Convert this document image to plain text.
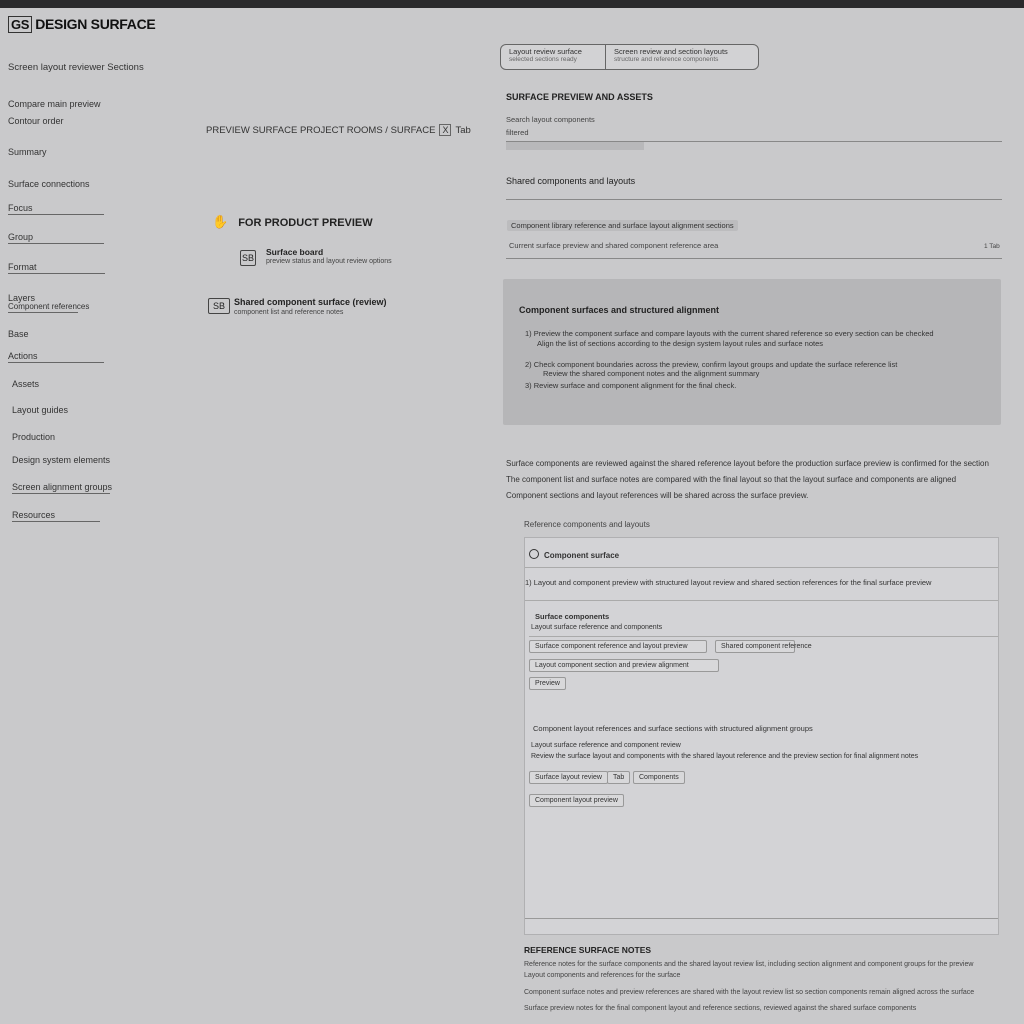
GS DESIGN SURFACE
Screen layout reviewer Sections
Compare main preview
Contour order
Summary
Surface connections
Focus
Group
Format
Layers
Component references
Base
Actions
Assets
Layout guides
Production
Design system elements
Screen alignment groups
Resources
PREVIEW SURFACE PROJECT ROOMS / SURFACE X Tab
✋ FOR PRODUCT PREVIEW
SB
Surface board
preview status and layout review options
SB Shared component surface (review)
component list and reference notes
Layout review surface
selected sections ready
Screen review and section layouts
structure and reference components
SURFACE PREVIEW AND ASSETS
Search layout components
filtered
Shared components and layouts
Component library reference and surface layout alignment sections
Current surface preview and shared component reference area	1 Tab
Component surfaces and structured alignment
1) Preview the component surface and compare layouts with the current shared reference so every section can be checked
Align the list of sections according to the design system layout rules and surface notes
2) Check component boundaries across the preview, confirm layout groups and update the surface reference list
Review the shared component notes and the alignment summary
3) Review surface and component alignment for the final check.
Surface components are reviewed against the shared reference layout before the production surface preview is confirmed for the section
The component list and surface notes are compared with the final layout so that the layout surface and components are aligned
Component sections and layout references will be shared across the surface preview.
Reference components and layouts
Component surface
1) Layout and component preview with structured layout review and shared section references for the final surface preview
Surface components
Layout surface reference and components
Surface component reference and layout preview	Shared component reference
Layout component section and preview alignment
Preview
Component layout references and surface sections with structured alignment groups
Layout surface reference and component review
Review the surface layout and components with the shared layout reference and the preview section for final alignment notes
Surface layout review	Tab	Components
Component layout preview
REFERENCE SURFACE NOTES
Reference notes for the surface components and the shared layout review list, including section alignment and component groups for the preview
Layout components and references for the surface
Component surface notes and preview references are shared with the layout review list so section components remain aligned across the surface
Surface preview notes for the final component layout and reference sections, reviewed against the shared surface components
